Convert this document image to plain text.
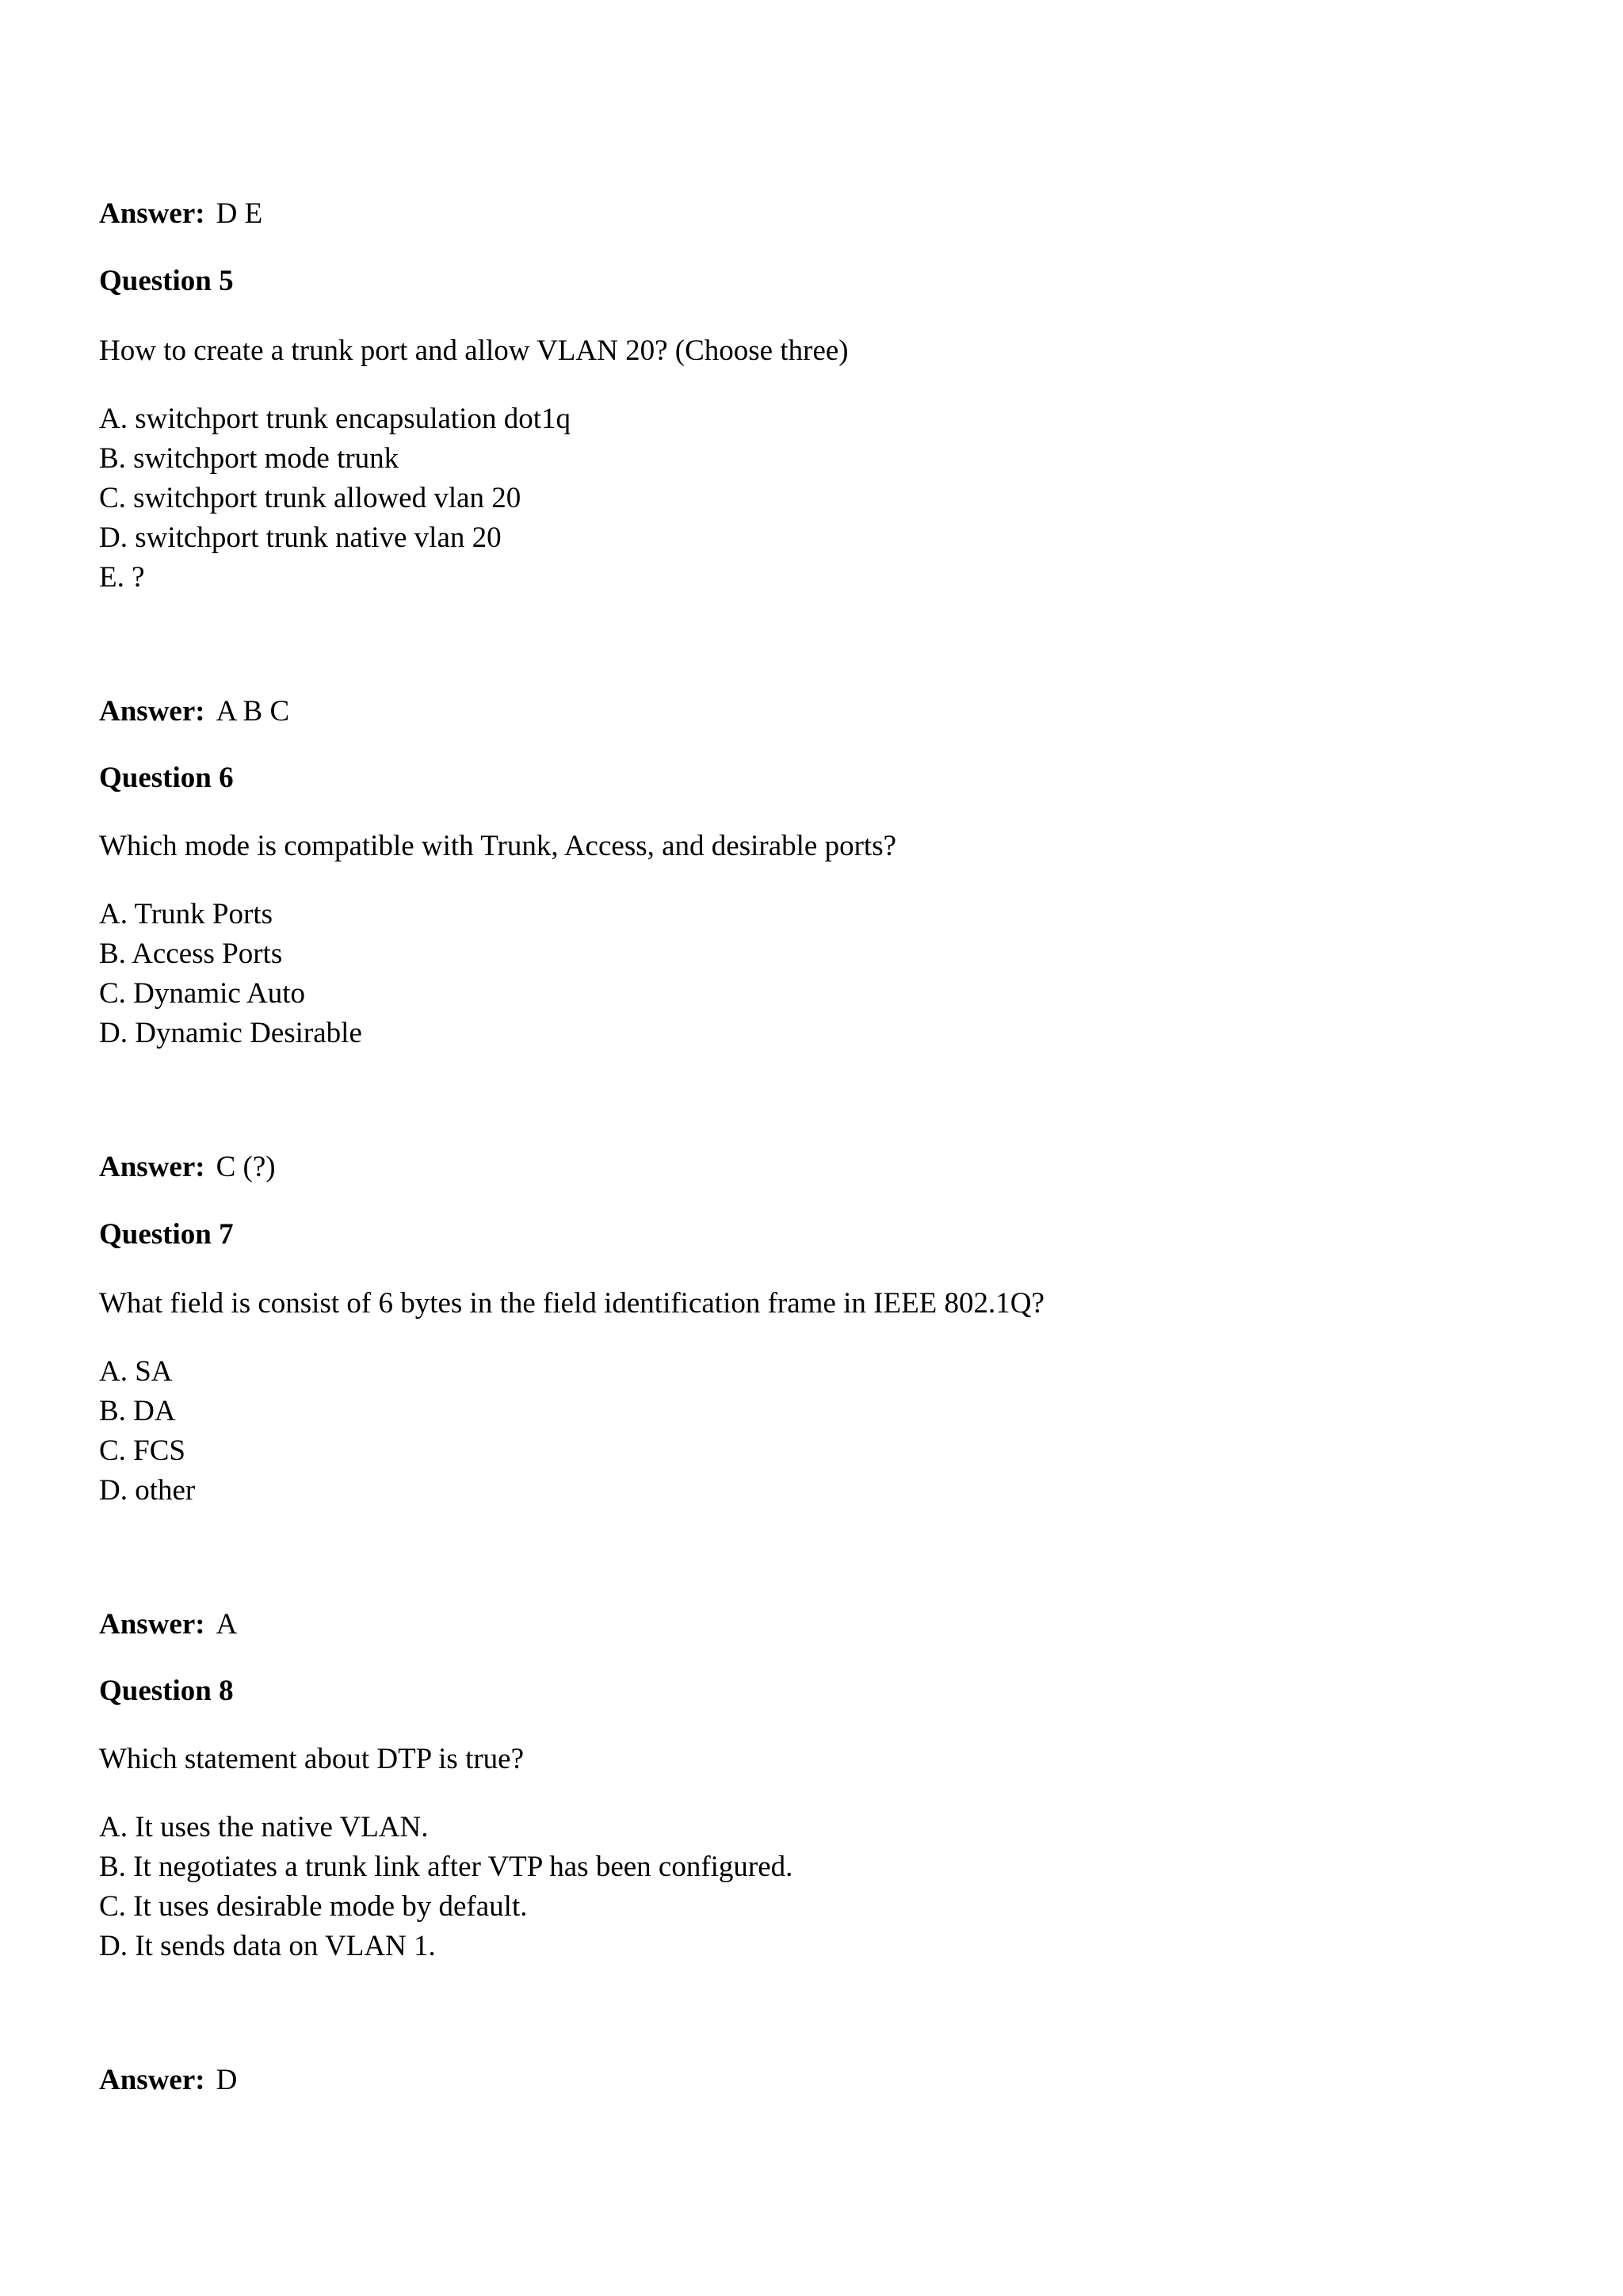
Answer: D E

Question 5

How to create a trunk port and allow VLAN 20? (Choose three)

A. switchport trunk encapsulation dot1q
B. switchport mode trunk
C. switchport trunk allowed vlan 20
D. switchport trunk native vlan 20
E. ?

Answer: A B C

Question 6

Which mode is compatible with Trunk, Access, and desirable ports?

A. Trunk Ports
B. Access Ports
C. Dynamic Auto
D. Dynamic Desirable

Answer: C (?)

Question 7

What field is consist of 6 bytes in the field identification frame in IEEE 802.1Q?

A. SA
B. DA
C. FCS
D. other

Answer: A

Question 8

Which statement about DTP is true?

A. It uses the native VLAN.
B. It negotiates a trunk link after VTP has been configured.
C. It uses desirable mode by default.
D. It sends data on VLAN 1.

Answer: D
